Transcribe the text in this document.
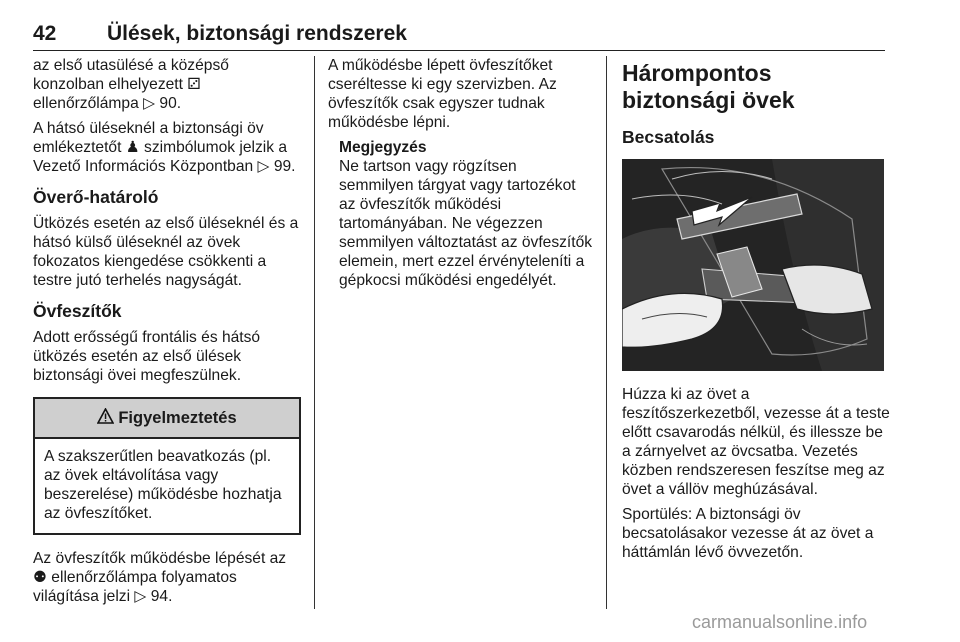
42 Ülések, biztonsági rendszerek

az első utasülésé a középső konzolban elhelyezett ⚂ ellenőrzőlámpa ▷ 90.

A hátsó üléseknél a biztonsági öv emlékeztetőt ♟ szimbólumok jelzik a Vezető Információs Központban ▷ 99.

Överő-határoló

Ütközés esetén az első üléseknél és a hátsó külső üléseknél az övek fokozatos kiengedése csökkenti a testre jutó terhelés nagyságát.

Övfeszítők

Adott erősségű frontális és hátsó ütközés esetén az első ülések biztonsági övei megfeszülnek.

Figyelmeztetés
A szakszerűtlen beavatkozás (pl. az övek eltávolítása vagy beszerelése) működésbe hozhatja az övfeszítőket.

Az övfeszítők működésbe lépését az ⚉ ellenőrzőlámpa folyamatos világítása jelzi ▷ 94.

A működésbe lépett övfeszítőket cseréltesse ki egy szervizben. Az övfeszítők csak egyszer tudnak működésbe lépni.

Megjegyzés
Ne tartson vagy rögzítsen semmilyen tárgyat vagy tartozékot az övfeszítők működési tartományában. Ne végezzen semmilyen változtatást az övfeszítők elemein, mert ezzel érvényteleníti a gépkocsi működési engedélyét.
Hárompontos biztonsági övek
Becsatolás

Húzza ki az övet a feszítőszerkezetből, vezesse át a teste előtt csavarodás nélkül, és illessze be a zárnyelvet az övcsatba. Vezetés közben rendszeresen feszítse meg az övet a vállöv meghúzásával.

Sportülés: A biztonsági öv becsatolásakor vezesse át az övet a háttámlán lévő övvezetőn.

carmanualsonline.info
